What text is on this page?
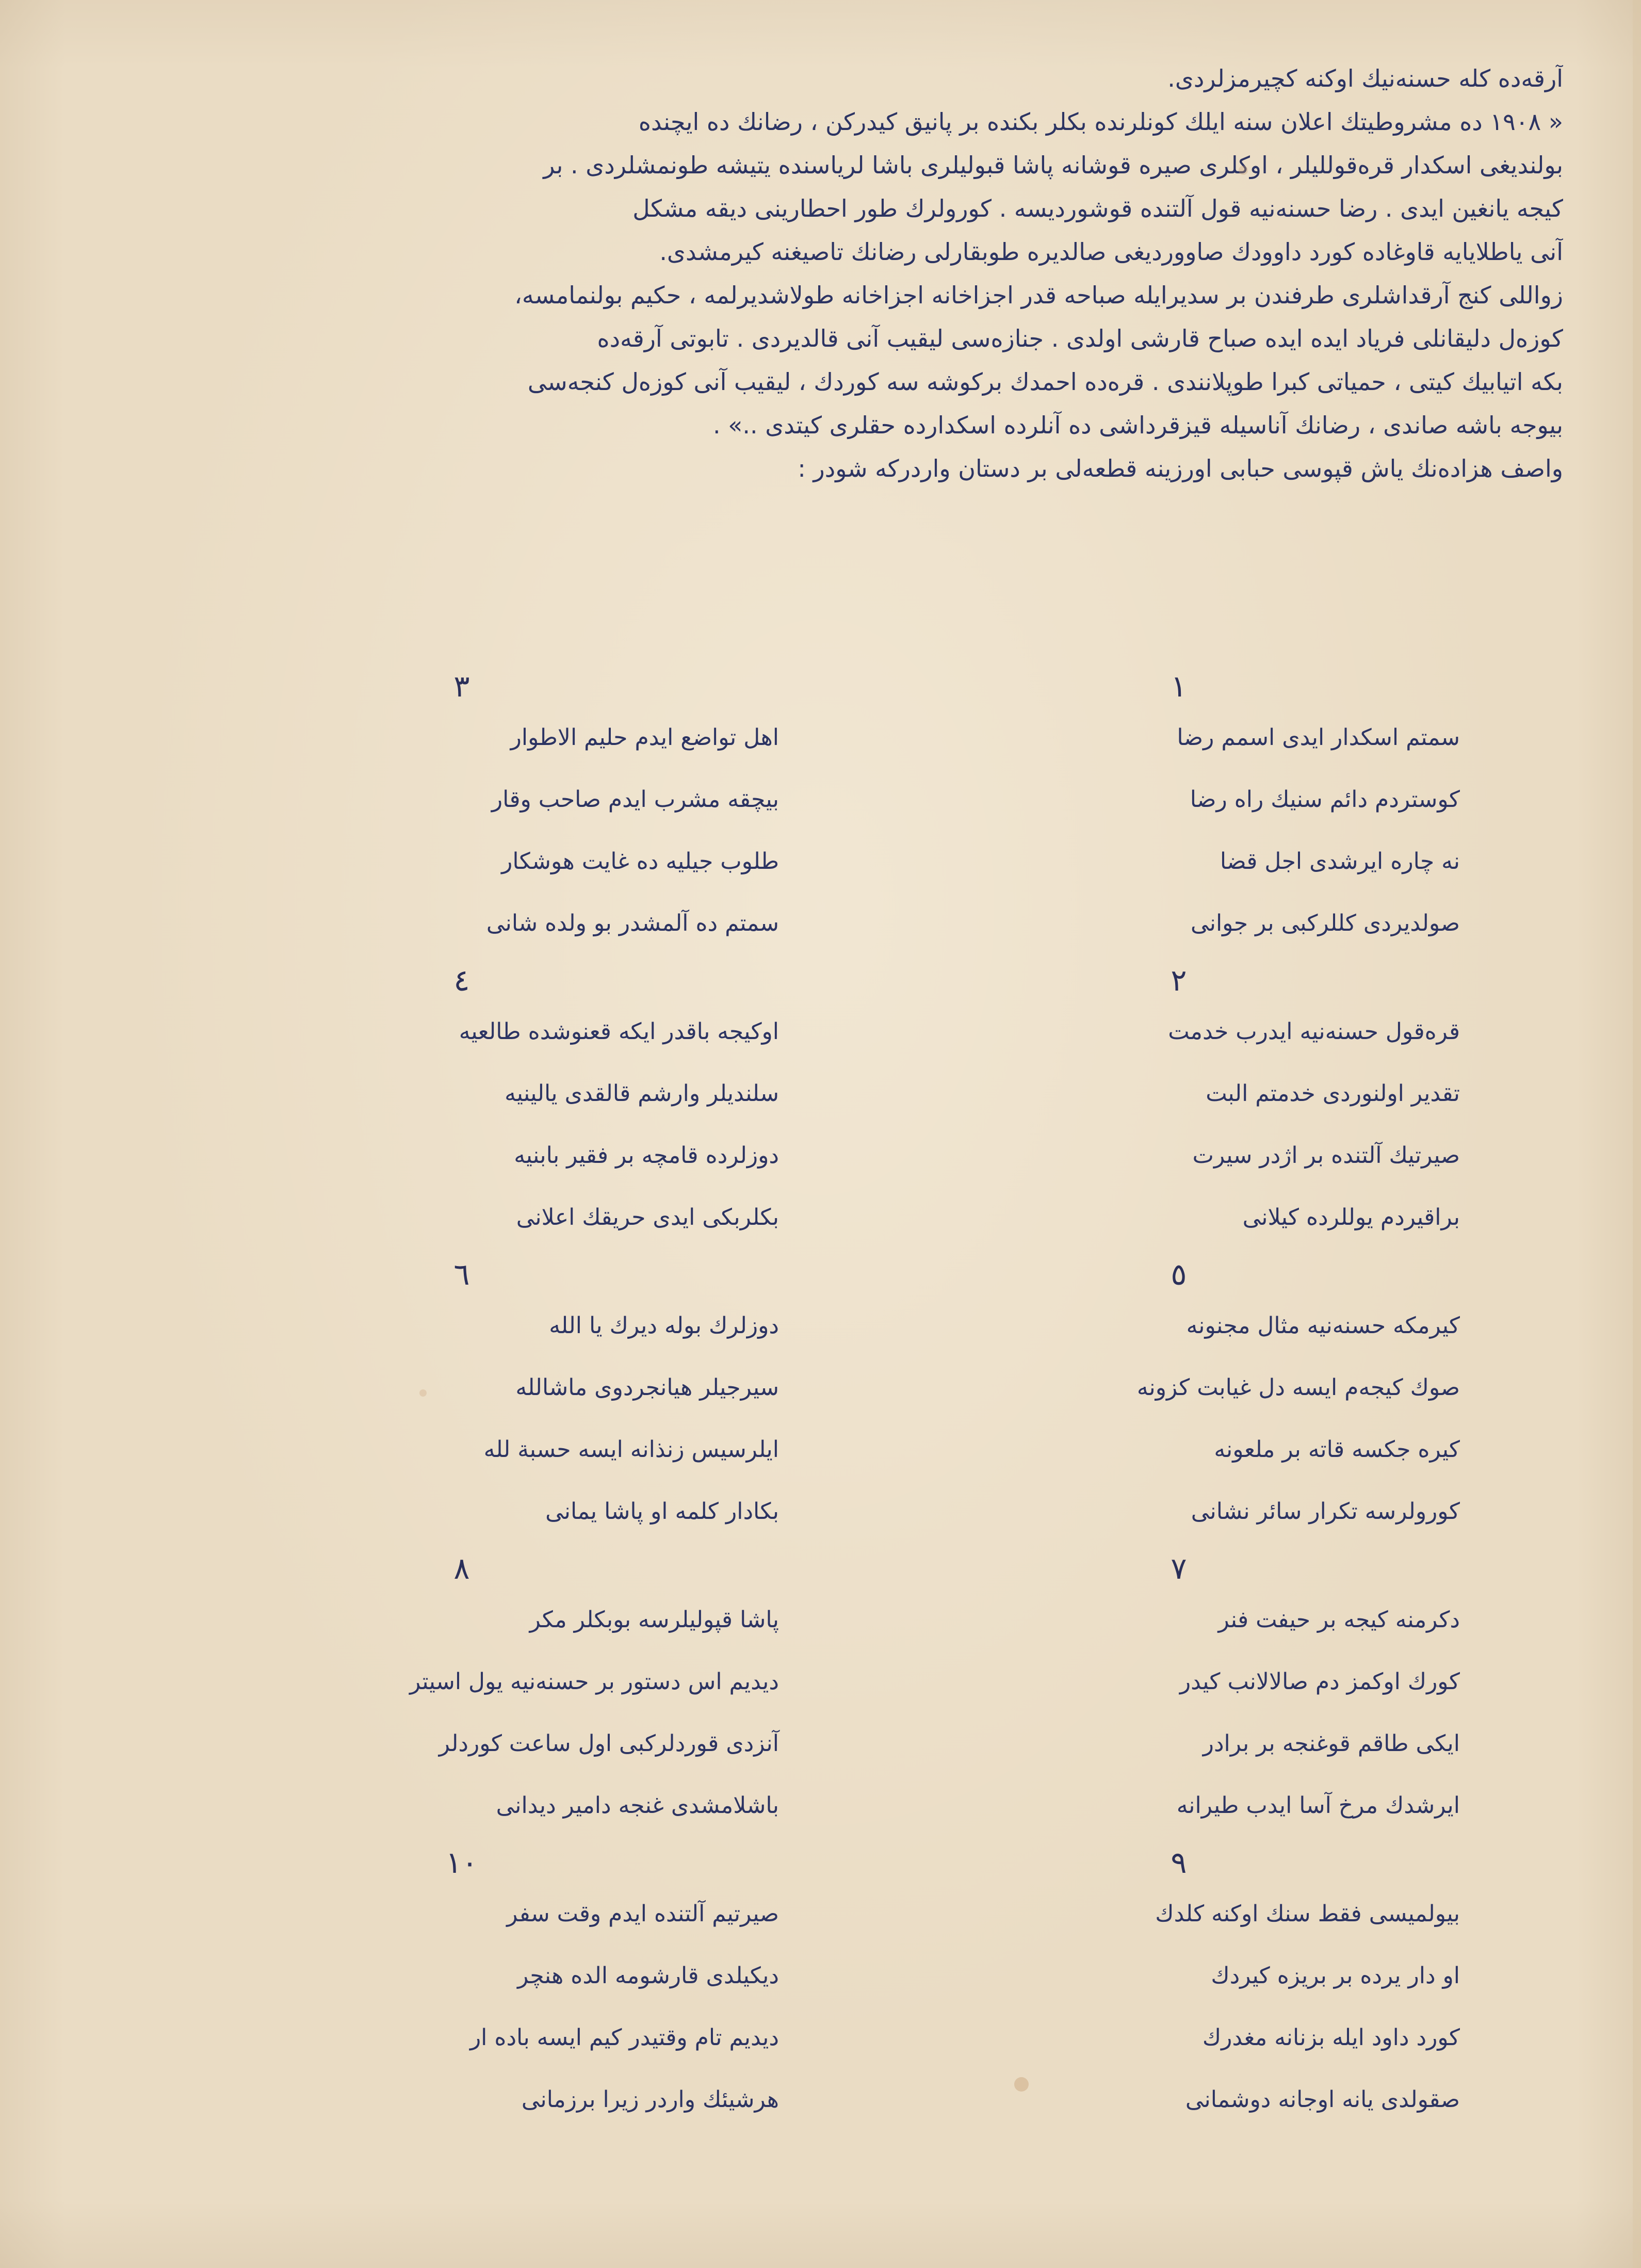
آرقه‌ده کله حسنه‌نیك اوکنه کچیرمزلردی.
« ١٩٠٨ ده مشروطیتك اعلان سنه ایلك کونلرنده بکلر بکنده بر پانیق کیدرکن ، رضانك ده ایچنده
بولندیغی اسکدار قره‌قوللیلر ، اوکلری صیره قوشانه پاشا قبولیلری باشا لریاسنده یتیشه طونمشلردی . بر
کیجه یانغین ایدی . رضا حسنه‌نیه قول آلتنده قوشوردیسه . کورولرك طور احطارینی دیقه مشکل
آنی یاطلایایه قاوغاده کورد داوودك صاوورديغی صالدیره طوبقارلی رضانك تاصیغنه کیرمشدی.
زواللی کنج آرقداشلری طرفندن بر سدیرایله صباحه قدر اجزاخانه اجزاخانه طولاشدیرلمه ، حکیم بولنمامسه،
کوزه‌ل دلیقانلی فریاد ایده ایده صباح قارشی اولدی . جنازه‌سی لیقیب آنی قالدیردی . تابوتی آرقه‌ده
بکه اتیابیك کیتی ، حمیاتی کبرا طوپلانندی . قره‌ده احمدك برکوشه سه کوردك ، لیقیب آنی کوزه‌ل کنجه‌سی
بیوجه باشه صاندی ، رضانك آناسیله قیزقرداشی ده آنلرده اسکدارده حقلری کیتدی ..» .
واصف هزاده‌نك یاش قپوسی حبابی اورزینه قطعه‌لی بر دستان واردرکه شودر :
١
سمتم اسکدار ایدی اسمم رضا
کوستردم دائم سنیك راه رضا
نه چاره ایرشدی اجل قضا
صولدیردی کللرکبی بر جوانی
٢
قره‌قول حسنه‌نیه ایدرب خدمت
تقدیر اولنوردی خدمتم البت
صیرتیك آلتنده بر اژدر سیرت
براقیردم یوللرده کیلانی
٥
کیرمکه حسنه‌نیه مثال مجنونه
صوك کیجه‌م ایسه دل غیابت کزونه
کیره جکسه قاته بر ملعونه
کورولرسه تکرار سائر نشانی
٧
دکرمنه کیجه بر حیفت فنر
کورك اوکمز دم صالالانب کیدر
ایکی طاقم قوغنجه بر برادر
ایرشدك مرخ آسا ایدب طیرانه
٩
بیولمیسی فقط سنك اوکنه کلدك
او دار یرده بر بریزه کیردك
کورد داود ایله بزنانه مغدرك
صقولدی یانه اوجانه دوشمانی
٣
اهل تواضع ایدم حلیم الاطوار
بیچقه مشرب ایدم صاحب وقار
طلوب جیلیه ده غایت هوشکار
سمتم ده آلمشدر بو ولده شانی
٤
اوکیجه باقدر ایکه قعنوشده طالعیه
سلندیلر وارشم قالقدی یالینیه
دوزلرده قامچه بر فقیر بابنیه
بکلربکی ایدی حریقك اعلانی
٦
دوزلرك بوله دیرك یا الله
سیرجیلر هیانجردوی ماشالله
ایلرسیس زنذانه ایسه حسبة لله
بکادار کلمه او پاشا یمانی
٨
پاشا قپولیلرسه بوبکلر مکر
دیدیم اس دستور بر حسنه‌نیه یول اسیتر
آنزدی قوردلرکبی اول ساعت کوردلر
باشلامشدی غنجه دامیر دیدانی
١٠
صیرتیم آلتنده ایدم وقت سفر
دیکیلدی قارشومه الده هنچر
دیدیم تام وقتیدر کیم ایسه باده ار
هرشیئك واردر زیرا برزمانی
